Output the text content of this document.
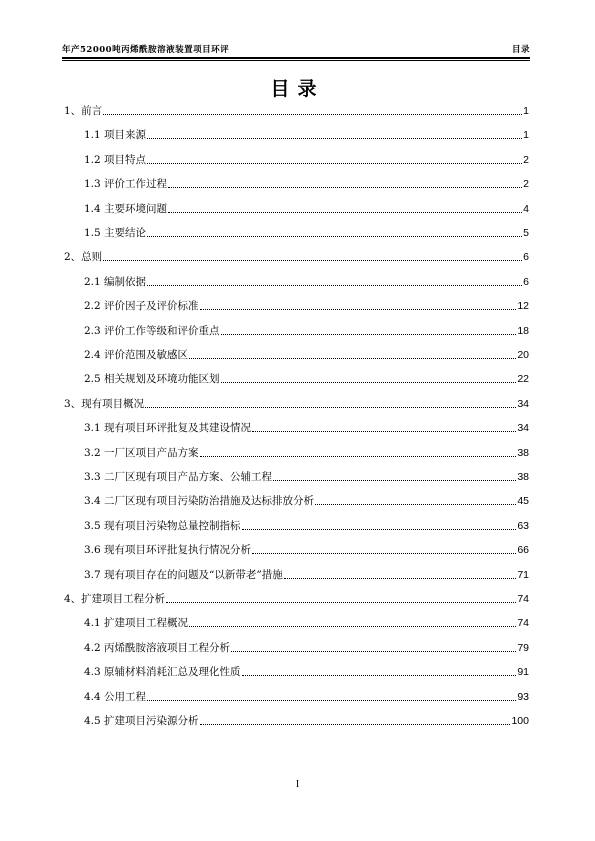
年产52000吨丙烯酰胺溶液装置项目环评	目录
目录
1、前言	1
1.1 项目来源	1
1.2 项目特点	2
1.3 评价工作过程	2
1.4 主要环境问题	4
1.5 主要结论	5
2、总则	6
2.1 编制依据	6
2.2 评价因子及评价标准	12
2.3 评价工作等级和评价重点	18
2.4 评价范围及敏感区	20
2.5 相关规划及环境功能区划	22
3、现有项目概况	34
3.1 现有项目环评批复及其建设情况	34
3.2 一厂区项目产品方案	38
3.3 二厂区现有项目产品方案、公辅工程	38
3.4 二厂区现有项目污染防治措施及达标排放分析	45
3.5 现有项目污染物总量控制指标	63
3.6 现有项目环评批复执行情况分析	66
3.7 现有项目存在的问题及“以新带老”措施	71
4、扩建项目工程分析	74
4.1 扩建项目工程概况	74
4.2 丙烯酰胺溶液项目工程分析	79
4.3 原辅材料消耗汇总及理化性质	91
4.4 公用工程	93
4.5 扩建项目污染源分析	100
I
